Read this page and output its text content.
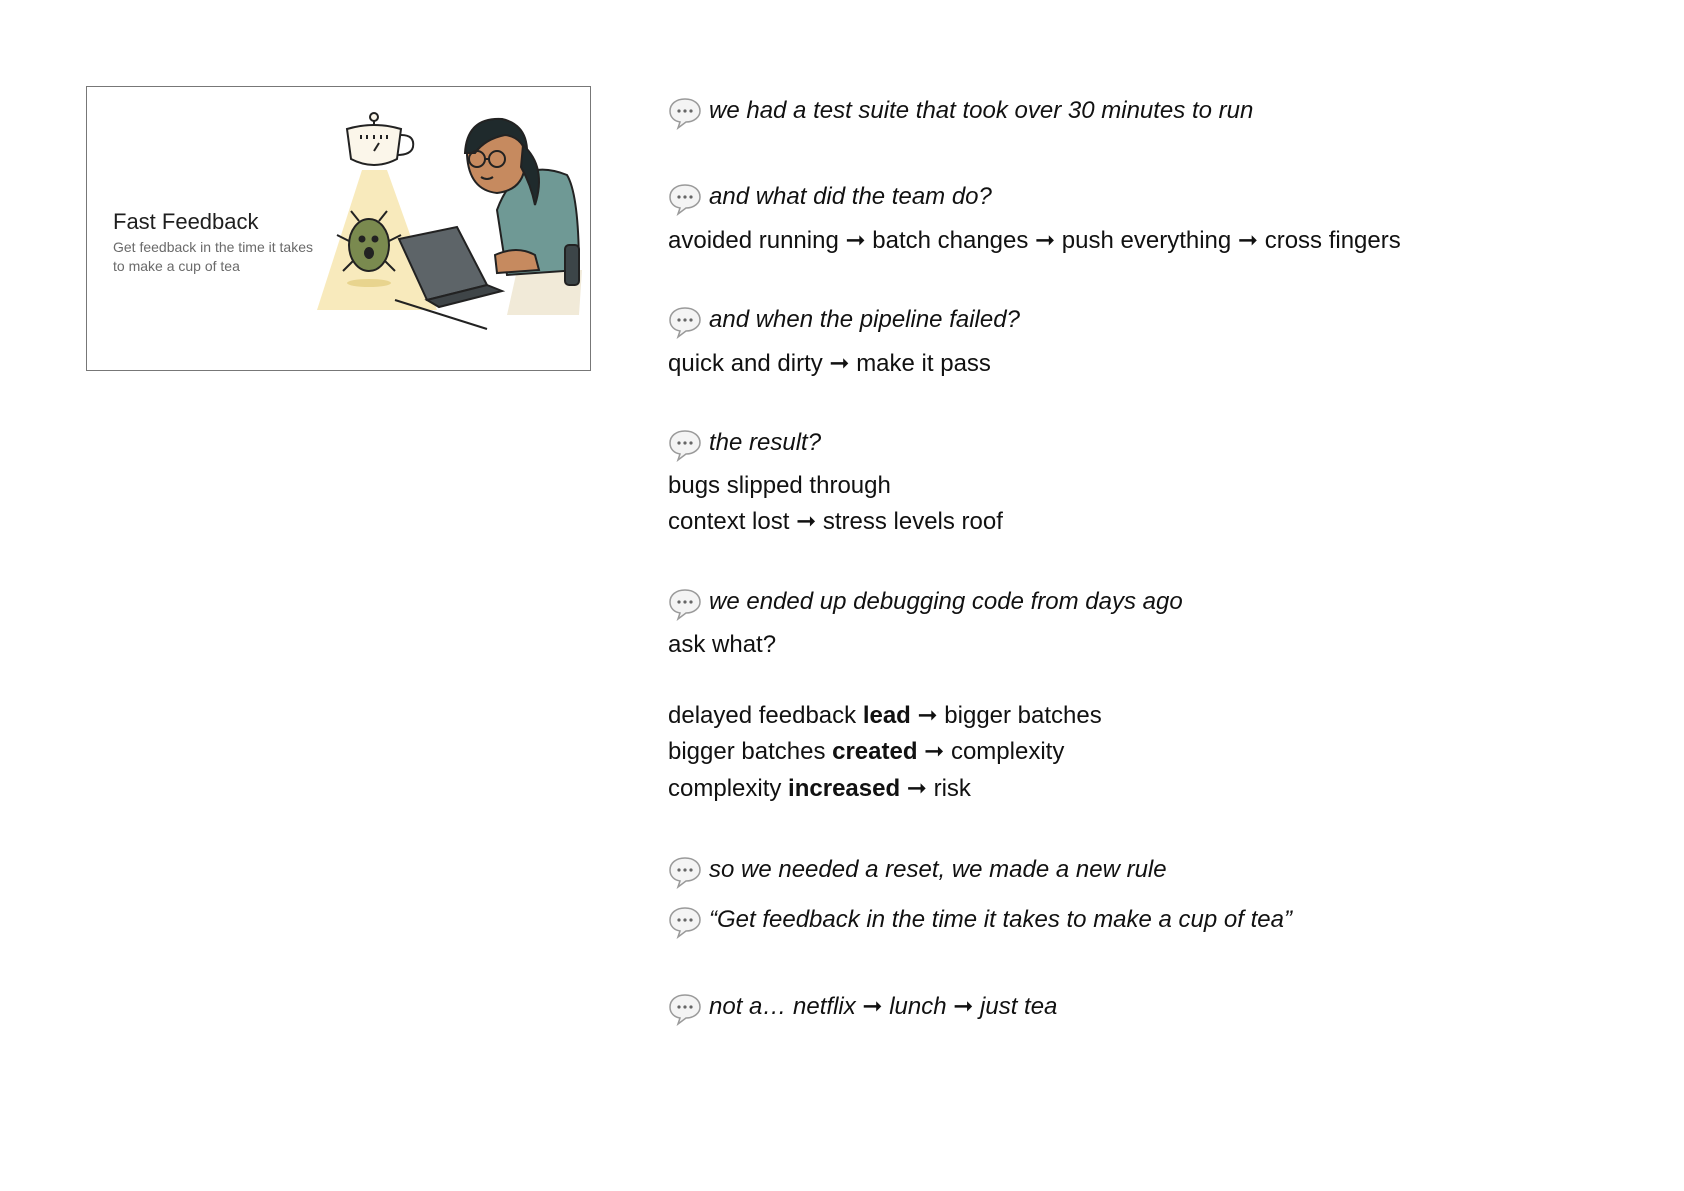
Fast Feedback
Get feedback in the time it takes to make a cup of tea
we had a test suite that took over 30 minutes to run
and what did the team do?
avoided running ➞ batch changes ➞ push everything ➞ cross fingers
and when the pipeline failed?
quick and dirty ➞ make it pass
the result?
bugs slipped through
context lost ➞ stress levels roof
we ended up debugging code from days ago
ask what?
delayed feedback lead ➞ bigger batches
bigger batches created ➞ complexity
complexity increased ➞ risk
so we needed a reset, we made a new rule
“Get feedback in the time it takes to make a cup of tea”
not a… netflix ➞ lunch ➞ just tea
